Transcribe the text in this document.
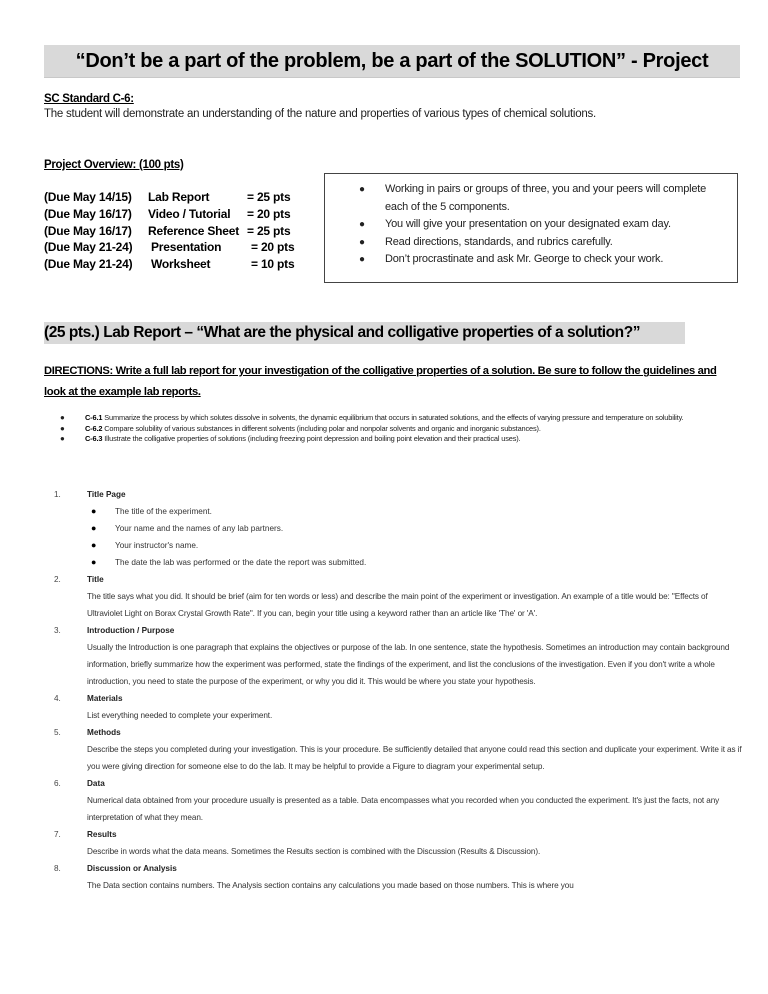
“Don’t be a part of the problem, be a part of the SOLUTION” - Project
SC Standard C-6:
The student will demonstrate an understanding of the nature and properties of various types of chemical solutions.
Project Overview: (100 pts)
(Due May 14/15) Lab Report	= 25 pts
(Due May 16/17) Video / Tutorial = 20 pts
(Due May 16/17) Reference Sheet = 25 pts
(Due May 21-24) Presentation = 20 pts
(Due May 21-24) Worksheet	= 10 pts
● Working in pairs or groups of three, you and your peers will complete each of the 5 components.
● You will give your presentation on your designated exam day.
● Read directions, standards, and rubrics carefully.
● Don’t procrastinate and ask Mr. George to check your work.
(25 pts.) Lab Report – “What are the physical and colligative properties of a solution?”
DIRECTIONS: Write a full lab report for your investigation of the colligative properties of a solution. Be sure to follow the guidelines and look at the example lab reports.
●	C-6.1 Summarize the process by which solutes dissolve in solvents, the dynamic equilibrium that occurs in saturated solutions, and the effects of varying pressure and temperature on solubility.
●	C-6.2 Compare solubility of various substances in different solvents (including polar and nonpolar solvents and organic and inorganic substances).
●	C-6.3 Illustrate the colligative properties of solutions (including freezing point depression and boiling point elevation and their practical uses).
1.	Title Page
● The title of the experiment.
● Your name and the names of any lab partners.
● Your instructor's name.
● The date the lab was performed or the date the report was submitted.
2.	Title
The title says what you did. It should be brief (aim for ten words or less) and describe the main point of the experiment or investigation. An example of a title would be: "Effects of Ultraviolet Light on Borax Crystal Growth Rate". If you can, begin your title using a keyword rather than an article like 'The' or 'A'.
3.	Introduction / Purpose
Usually the Introduction is one paragraph that explains the objectives or purpose of the lab. In one sentence, state the hypothesis. Sometimes an introduction may contain background information, briefly summarize how the experiment was performed, state the findings of the experiment, and list the conclusions of the investigation. Even if you don't write a whole introduction, you need to state the purpose of the experiment, or why you did it. This would be where you state your hypothesis.
4.	Materials
List everything needed to complete your experiment.
5.	Methods
Describe the steps you completed during your investigation. This is your procedure. Be sufficiently detailed that anyone could read this section and duplicate your experiment. Write it as if you were giving direction for someone else to do the lab. It may be helpful to provide a Figure to diagram your experimental setup.
6.	Data
Numerical data obtained from your procedure usually is presented as a table. Data encompasses what you recorded when you conducted the experiment. It's just the facts, not any interpretation of what they mean.
7.	Results
Describe in words what the data means. Sometimes the Results section is combined with the Discussion (Results & Discussion).
8.	Discussion or Analysis
The Data section contains numbers. The Analysis section contains any calculations you made based on those numbers. This is where you
